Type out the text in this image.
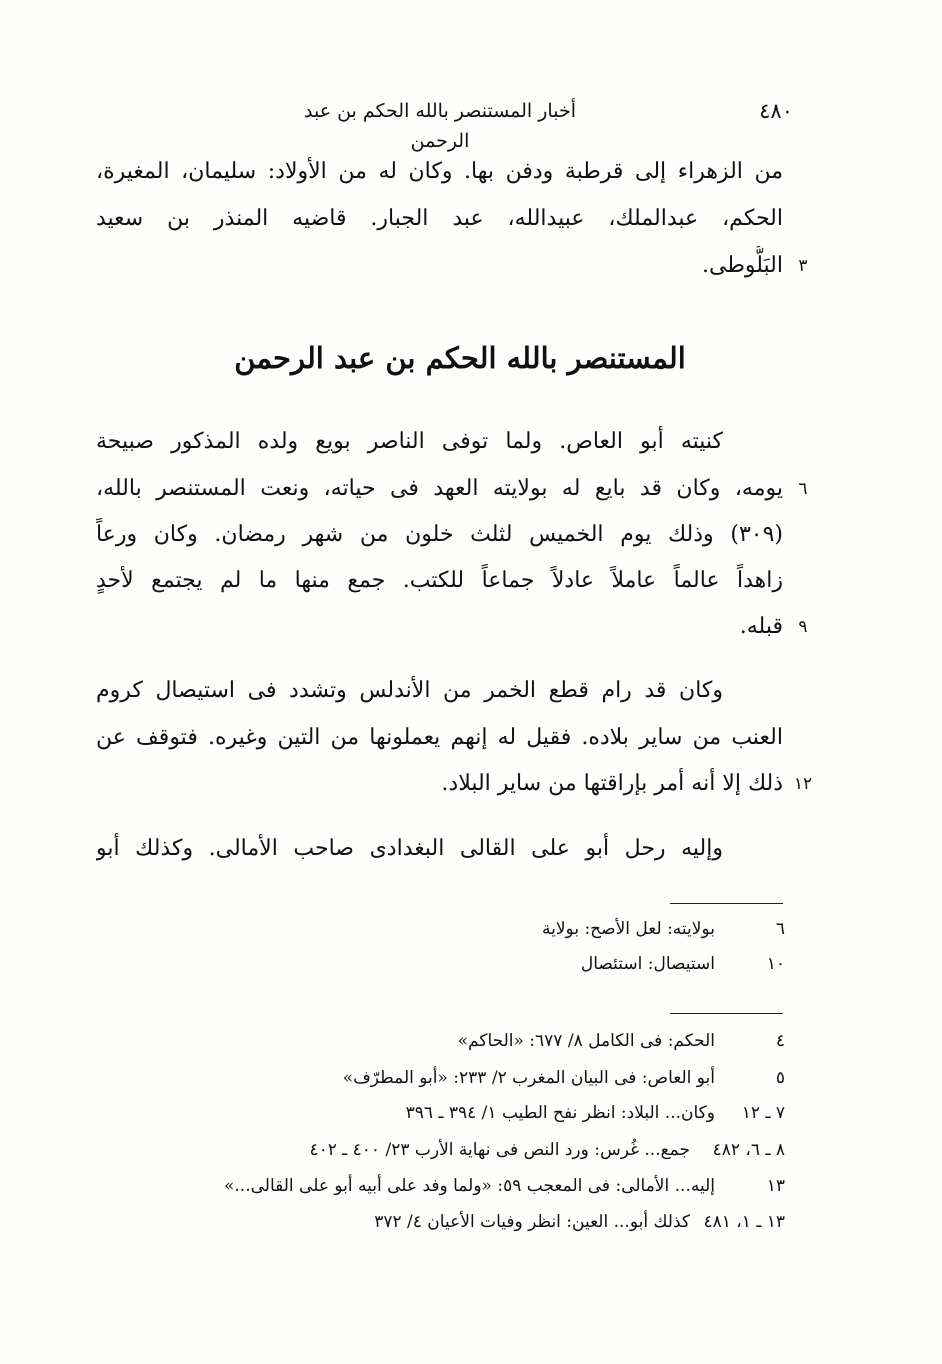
٤٨٠
أخبار المستنصر بالله الحكم بن عبد الرحمن
من الزهراء إلى قرطبة ودفن بها. وكان له من الأولاد: سليمان، المغيرة،
الحكم، عبدالملك، عبيدالله، عبد الجبار. قاضيه المنذر بن سعيد
البَلُّوطى. ٣
المستنصر بالله الحكم بن عبد الرحمن
كنيته أبو العاص. ولما توفى الناصر بويع ولده المذكور صبيحة
يومه، وكان قد بايع له بولايته العهد فى حياته، ونعت المستنصر بالله، ٦
(٣٠٩) وذلك يوم الخميس لثلث خلون من شهر رمضان. وكان ورعاً
زاهداً عالماً عاملاً عادلاً جماعاً للكتب. جمع منها ما لم يجتمع لأحدٍ
قبله. ٩
وكان قد رام قطع الخمر من الأندلس وتشدد فى استيصال كروم
العنب من ساير بلاده. فقيل له إنهم يعملونها من التين وغيره. فتوقف عن
ذلك إلا أنه أمر بإراقتها من ساير البلاد. ١٢
وإليه رحل أبو على القالى البغدادى صاحب الأمالى. وكذلك أبو
٦
بولايته: لعل الأصح: بولاية
١٠
استيصال: استئصال
٤
الحكم: فى الكامل ٨/ ٦٧٧: «الحاكم»
٥
أبو العاص: فى البيان المغرب ٢/ ٢٣٣: «أبو المطرّف»
٧ ـ ١٢
وكان... البلاد: انظر نفح الطيب ١/ ٣٩٤ ـ ٣٩٦
٨ ـ ٦، ٤٨٢
جمع... غُرس: ورد النص فى نهاية الأرب ٢٣/ ٤٠٠ ـ ٤٠٢
١٣
إليه... الأمالى: فى المعجب ٥٩: «ولما وفد على أبيه أبو على القالى...»
١٣ ـ ١، ٤٨١
كذلك أبو... العين: انظر وفيات الأعيان ٤/ ٣٧٢
